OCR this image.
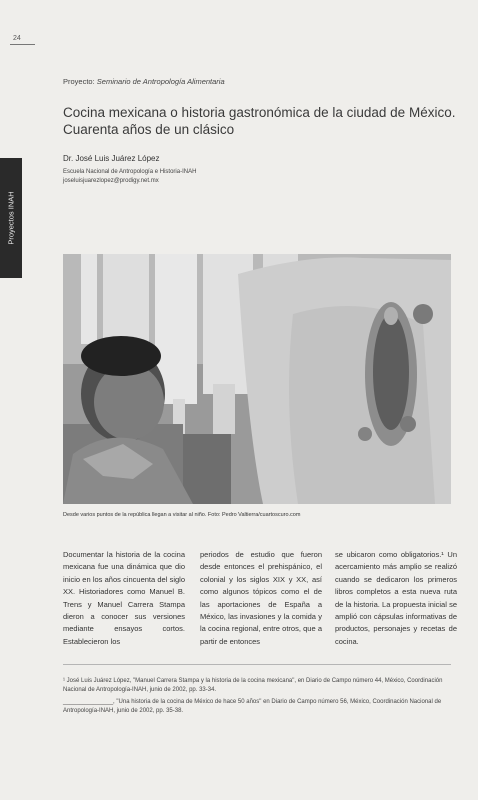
24
Proyectos INAH
Proyecto: Seminario de Antropología Alimentaria
Cocina mexicana o historia gastronómica de la ciudad de México. Cuarenta años de un clásico
Dr. José Luis Juárez López
Escuela Nacional de Antropología e Historia-INAH
joseluisjuarezlopez@prodigy.net.mx
Desde varios puntos de la república llegan a visitar al niño. Foto: Pedro Valtierra/cuartoscuro.com
Documentar la historia de la cocina mexicana fue una dinámica que dio inicio en los años cincuenta del siglo XX. Historiadores como Manuel B. Trens y Manuel Carrera Stampa dieron a conocer sus versiones mediante ensayos cortos. Establecieron los
periodos de estudio que fueron desde entonces el prehispánico, el colonial y los siglos XIX y XX, así como algunos tópicos como el de las aportaciones de España a México, las invasiones y la comida y la cocina regional, entre otros, que a partir de entonces
se ubicaron como obligatorios.¹ Un acercamiento más amplio se realizó cuando se dedicaron los primeros libros completos a esta nueva ruta de la historia. La propuesta inicial se amplió con cápsulas informativas de productos, personajes y recetas de cocina.
¹ José Luis Juárez López, "Manuel Carrera Stampa y la historia de la cocina mexicana", en Diario de Campo número 44, México, Coordinación Nacional de Antropología-INAH, junio de 2002, pp. 33-34.
_______________, "Una historia de la cocina de México de hace 50 años" en Diario de Campo número 56, México, Coordinación Nacional de Antropología-INAH, junio de 2002, pp. 35-38.
